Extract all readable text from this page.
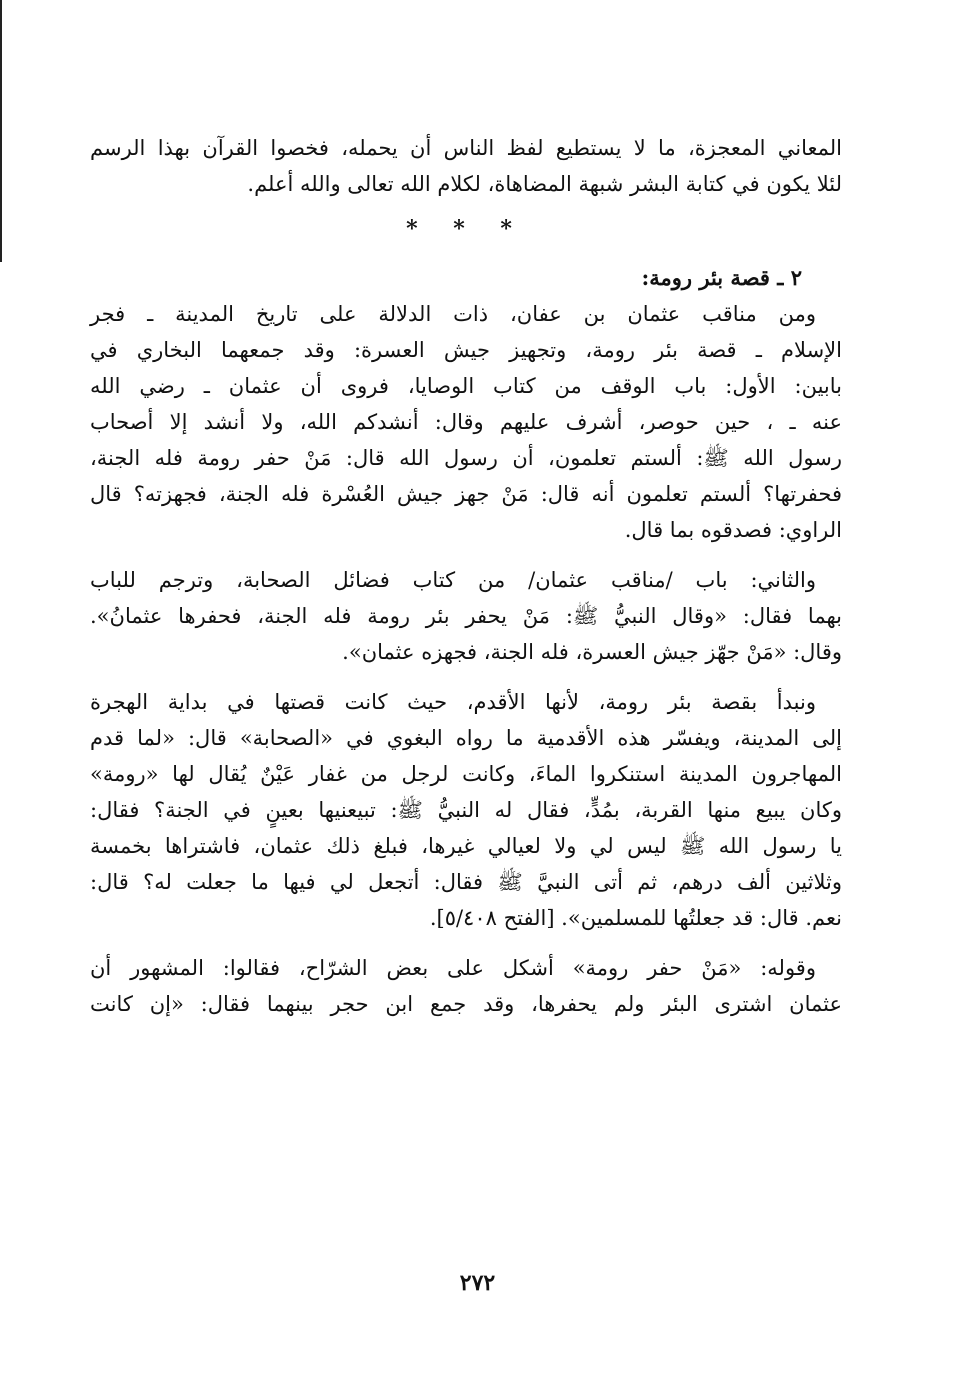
المعاني المعجزة، ما لا يستطيع لفظ الناس أن يحمله، فخصوا القرآن بهذا الرسم
لئلا يكون في كتابة البشر شبهة المضاهاة، لكلام الله تعالى والله أعلم.
* * *
٢ ـ قصة بئر رومة:
ومن مناقب عثمان بن عفان، ذات الدلالة على تاريخ المدينة ـ فجر
الإسلام ـ قصة بئر رومة، وتجهيز جيش العسرة: وقد جمعهما البخاري في
بابين: الأول: باب الوقف من كتاب الوصايا، فروى أن عثمان ـ رضي الله
عنه ـ ، حين حوصر، أشرف عليهم وقال: أنشدكم الله، ولا أنشد إلا أصحاب
رسول الله ﷺ: ألستم تعلمون، أن رسول الله قال: مَنْ حفر رومة فله الجنة،
فحفرتها؟ ألستم تعلمون أنه قال: مَنْ جهز جيش العُسْرة فله الجنة، فجهزته؟ قال
الراوي: فصدقوه بما قال.
والثاني: باب /مناقب عثمان/ من كتاب فضائل الصحابة، وترجم للباب
بهما فقال: «وقال النبيُّ ﷺ: مَنْ يحفر بئر رومة فله الجنة، فحفرها عثمانُ».
وقال: «مَنْ جهّز جيش العسرة، فله الجنة، فجهزه عثمان».
ونبدأ بقصة بئر رومة، لأنها الأقدم، حيث كانت قصتها في بداية الهجرة
إلى المدينة، ويفسّر هذه الأقدمية ما رواه البغوي في «الصحابة» قال: «لما قدم
المهاجرون المدينة استنكروا الماءَ، وكانت لرجل من غفار عَيْنٌ يُقال لها «رومة»
وكان يبيع منها القربة، بمُدٍّ، فقال له النبيُّ ﷺ: تبيعنيها بعينٍ في الجنة؟ فقال:
يا رسول الله ﷺ ليس لي ولا لعيالي غيرها، فبلغ ذلك عثمان، فاشتراها بخمسة
وثلاثين ألف درهم، ثم أتى النبيَّ ﷺ فقال: أتجعل لي فيها ما جعلت له؟ قال:
نعم. قال: قد جعلتُها للمسلمين». [الفتح ٥/٤٠٨].
وقوله: «مَنْ حفر رومة» أشكل على بعض الشرّاح، فقالوا: المشهور أن
عثمان اشترى البئر ولم يحفرها، وقد جمع ابن حجر بينهما فقال: «إن كانت
٢٧٢
